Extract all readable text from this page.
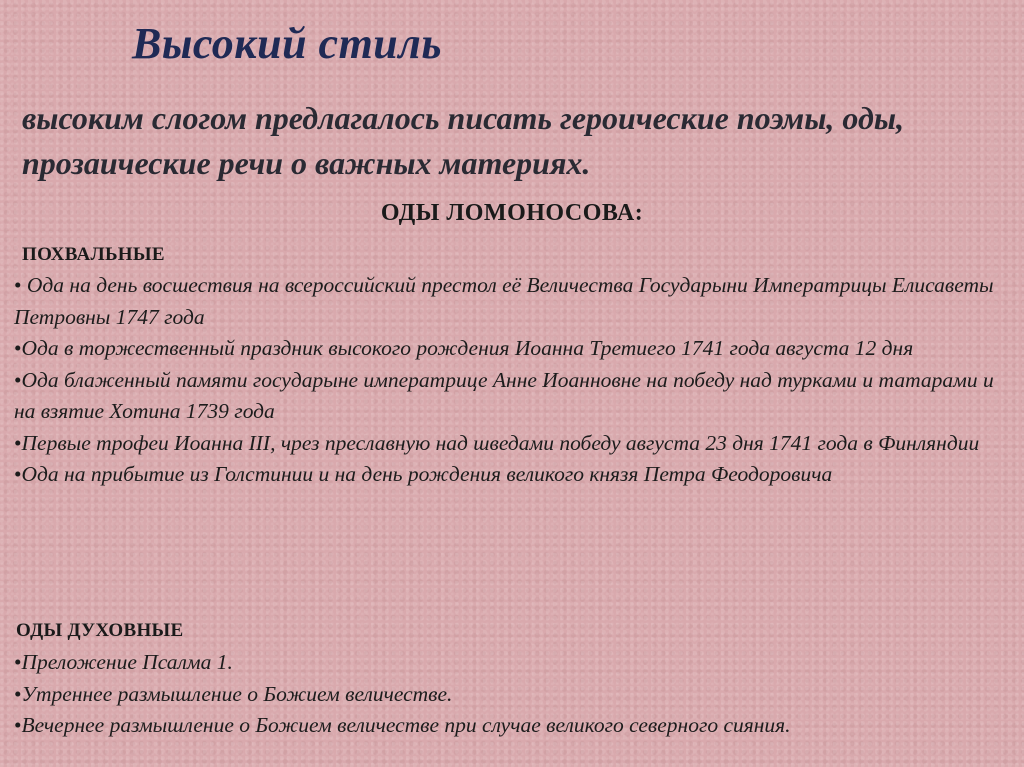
Высокий стиль

высоким слогом предлагалось писать героические поэмы, оды, прозаические речи о важных материях.

ОДЫ ЛОМОНОСОВА:
ПОХВАЛЬНЫЕ
• Ода на день восшествия на всероссийский престол её Величества Государыни Императрицы Елисаветы Петровны 1747 года
• Ода в торжественный праздник высокого рождения Иоанна Третиего 1741 года августа 12 дня
• Ода блаженный памяти государыне императрице Анне Иоанновне на победу над турками и татарами и на взятие Хотина 1739 года
• Первые трофеи Иоанна III, чрез преславную над шведами победу августа 23 дня 1741 года в Финляндии
• Ода на прибытие из Голстинии и на день рождения великого князя Петра Феодоровича
ОДЫ ДУХОВНЫЕ
• Преложение Псалма 1.
• Утреннее размышление о Божием величестве.
• Вечернее размышление о Божием величестве при случае великого северного сияния.
